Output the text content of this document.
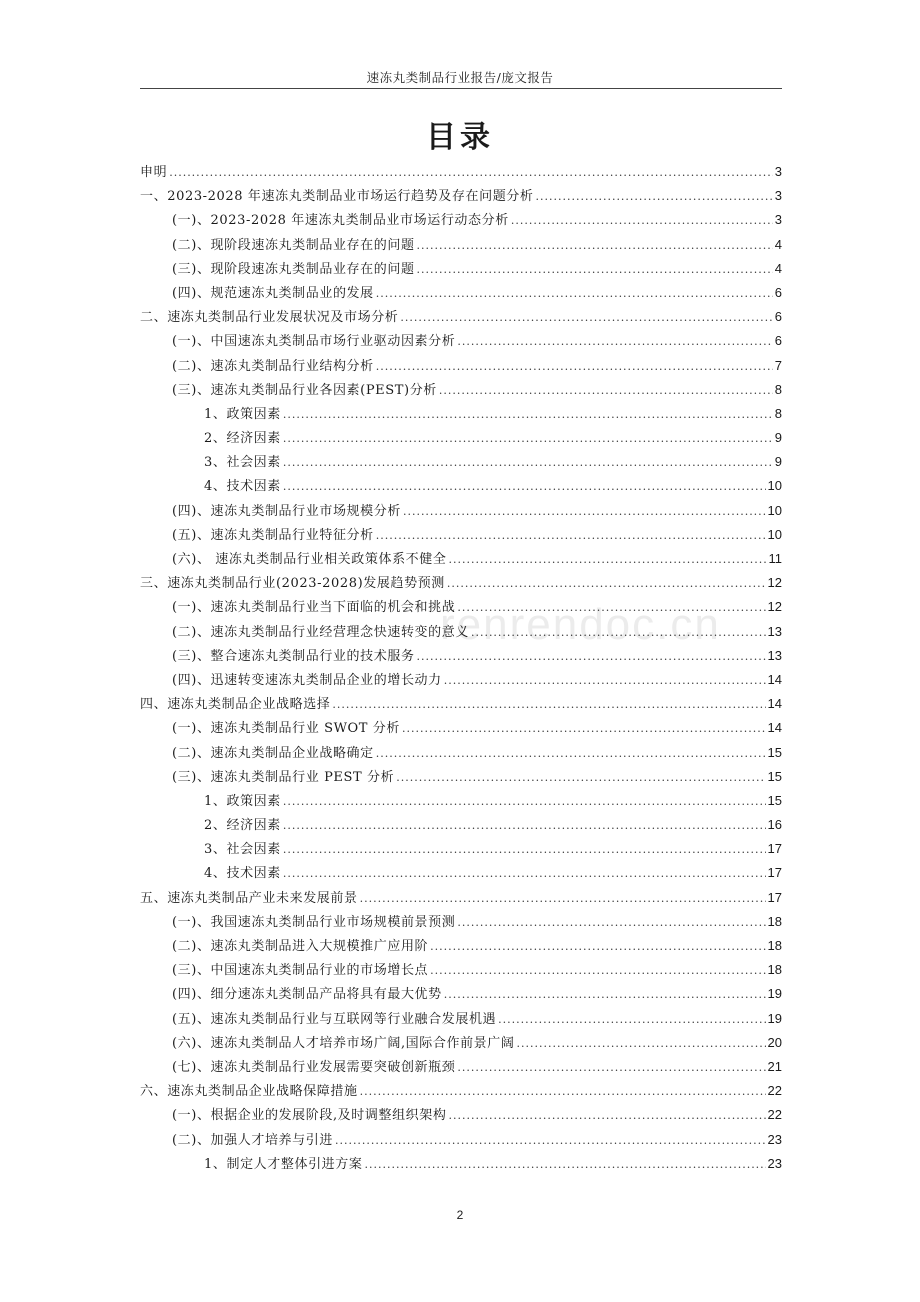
速冻丸类制品行业报告/庞文报告
目录
renrendoc.cn
申明 .....	3
一、2023-2028 年速冻丸类制品业市场运行趋势及存在问题分析 .....	3
(一)、2023-2028 年速冻丸类制品业市场运行动态分析 .....	3
(二)、现阶段速冻丸类制品业存在的问题 .....	4
(三)、现阶段速冻丸类制品业存在的问题 .....	4
(四)、规范速冻丸类制品业的发展 .....	6
二、速冻丸类制品行业发展状况及市场分析 .....	6
(一)、中国速冻丸类制品市场行业驱动因素分析 .....	6
(二)、速冻丸类制品行业结构分析 .....	7
(三)、速冻丸类制品行业各因素(PEST)分析 .....	8
1、政策因素 .....	8
2、经济因素 .....	9
3、社会因素 .....	9
4、技术因素 .....	10
(四)、速冻丸类制品行业市场规模分析 .....	10
(五)、速冻丸类制品行业特征分析 .....	10
(六)、 速冻丸类制品行业相关政策体系不健全 .....	11
三、速冻丸类制品行业(2023-2028)发展趋势预测 .....	12
(一)、速冻丸类制品行业当下面临的机会和挑战 .....	12
(二)、速冻丸类制品行业经营理念快速转变的意义 .....	13
(三)、整合速冻丸类制品行业的技术服务 .....	13
(四)、迅速转变速冻丸类制品企业的增长动力 .....	14
四、速冻丸类制品企业战略选择 .....	14
(一)、速冻丸类制品行业 SWOT 分析 .....	14
(二)、速冻丸类制品企业战略确定 .....	15
(三)、速冻丸类制品行业 PEST 分析 .....	15
1、政策因素 .....	15
2、经济因素 .....	16
3、社会因素 .....	17
4、技术因素 .....	17
五、速冻丸类制品产业未来发展前景 .....	17
(一)、我国速冻丸类制品行业市场规模前景预测 .....	18
(二)、速冻丸类制品进入大规模推广应用阶 .....	18
(三)、中国速冻丸类制品行业的市场增长点 .....	18
(四)、细分速冻丸类制品产品将具有最大优势 .....	19
(五)、速冻丸类制品行业与互联网等行业融合发展机遇 .....	19
(六)、速冻丸类制品人才培养市场广阔,国际合作前景广阔 .....	20
(七)、速冻丸类制品行业发展需要突破创新瓶颈 .....	21
六、速冻丸类制品企业战略保障措施 .....	22
(一)、根据企业的发展阶段,及时调整组织架构 .....	22
(二)、加强人才培养与引进 .....	23
1、制定人才整体引进方案 .....	23
2
